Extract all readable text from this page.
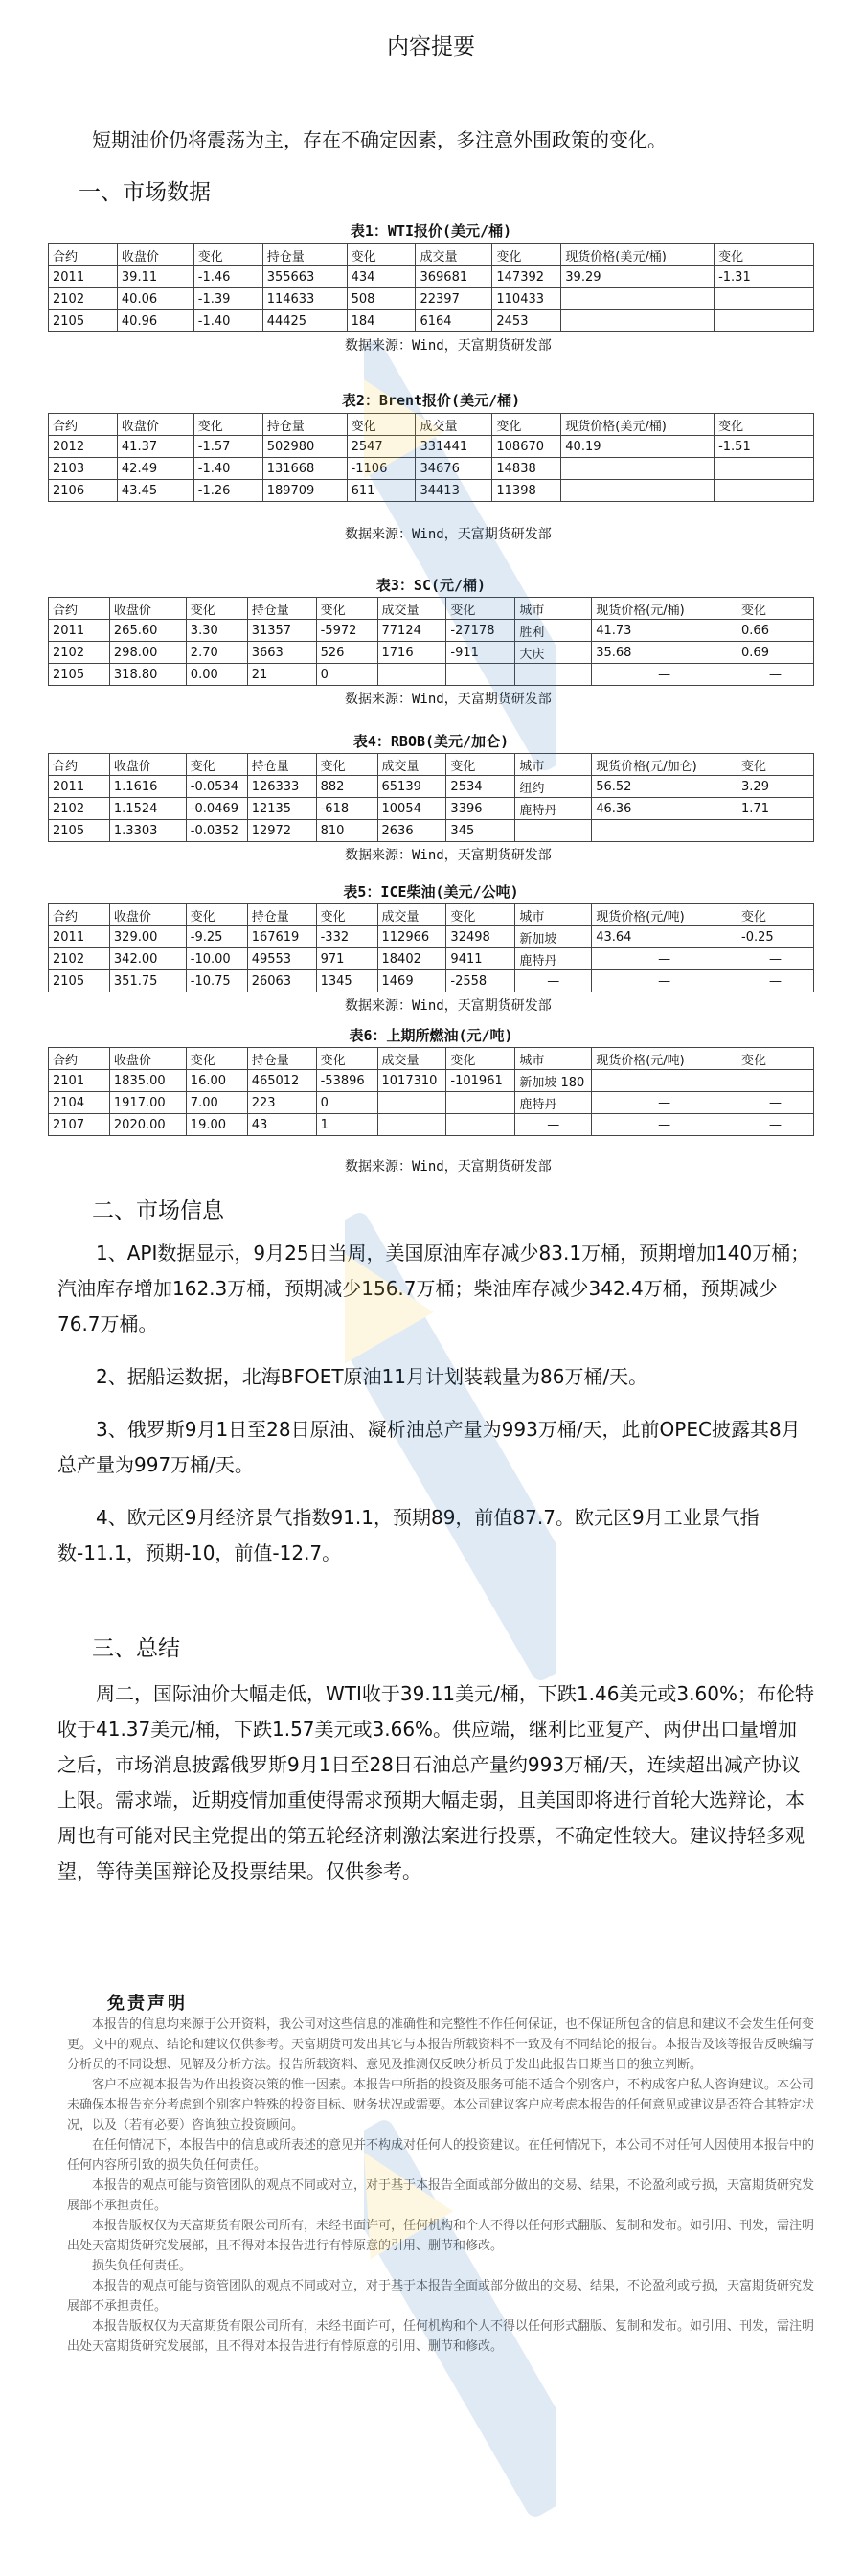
内容提要
短期油价仍将震荡为主，存在不确定因素，多注意外围政策的变化。
一、市场数据
表1：WTI报价(美元/桶)
合约	收盘价	变化	持仓量	变化	成交量	变化	现货价格(美元/桶)	变化
2011	39.11	-1.46	355663	434	369681	147392	39.29	-1.31
2102	40.06	-1.39	114633	508	22397	110433		
2105	40.96	-1.40	44425	184	6164	2453		
数据来源：Wind，天富期货研发部
表2：Brent报价(美元/桶)
合约	收盘价	变化	持仓量	变化	成交量	变化	现货价格(美元/桶)	变化
2012	41.37	-1.57	502980	2547	331441	108670	40.19	-1.51
2103	42.49	-1.40	131668	-1106	34676	14838		
2106	43.45	-1.26	189709	611	34413	11398		
数据来源：Wind，天富期货研发部
表3：SC(元/桶)
合约	收盘价	变化	持仓量	变化	成交量	变化	城市	现货价格(元/桶)	变化
2011	265.60	3.30	31357	-5972	77124	-27178	胜利	41.73	0.66
2102	298.00	2.70	3663	526	1716	-911	大庆	35.68	0.69
2105	318.80	0.00	21	0				—	—
数据来源：Wind，天富期货研发部
表4：RBOB(美元/加仑)
合约	收盘价	变化	持仓量	变化	成交量	变化	城市	现货价格(元/加仑)	变化
2011	1.1616	-0.0534	126333	882	65139	2534	纽约	56.52	3.29
2102	1.1524	-0.0469	12135	-618	10054	3396	鹿特丹	46.36	1.71
2105	1.3303	-0.0352	12972	810	2636	345			
数据来源：Wind，天富期货研发部
表5：ICE柴油(美元/公吨)
合约	收盘价	变化	持仓量	变化	成交量	变化	城市	现货价格(元/吨)	变化
2011	329.00	-9.25	167619	-332	112966	32498	新加坡	43.64	-0.25
2102	342.00	-10.00	49553	971	18402	9411	鹿特丹	—	—
2105	351.75	-10.75	26063	1345	1469	-2558	—	—	—
数据来源：Wind，天富期货研发部
表6：上期所燃油(元/吨)
合约	收盘价	变化	持仓量	变化	成交量	变化	城市	现货价格(元/吨)	变化
2101	1835.00	16.00	465012	-53896	1017310	-101961	新加坡 180		
2104	1917.00	7.00	223	0			鹿特丹	—	—
2107	2020.00	19.00	43	1			—	—	—
数据来源：Wind，天富期货研发部
二、市场信息

1、API数据显示，9月25日当周，美国原油库存减少83.1万桶，预期增加140万桶；汽油库存增加162.3万桶，预期减少156.7万桶；柴油库存减少342.4万桶，预期减少76.7万桶。

2、据船运数据，北海BFOET原油11月计划装载量为86万桶/天。

3、俄罗斯9月1日至28日原油、凝析油总产量为993万桶/天，此前OPEC披露其8月总产量为997万桶/天。

4、欧元区9月经济景气指数91.1，预期89，前值87.7。欧元区9月工业景气指数-11.1，预期-10，前值-12.7。

三、总结

周二，国际油价大幅走低，WTI收于39.11美元/桶，下跌1.46美元或3.60%；布伦特收于41.37美元/桶，下跌1.57美元或3.66%。供应端，继利比亚复产、两伊出口量增加之后，市场消息披露俄罗斯9月1日至28日石油总产量约993万桶/天，连续超出减产协议上限。需求端，近期疫情加重使得需求预期大幅走弱，且美国即将进行首轮大选辩论，本周也有可能对民主党提出的第五轮经济刺激法案进行投票，不确定性较大。建议持轻多观望，等待美国辩论及投票结果。仅供参考。

免责声明

本报告的信息均来源于公开资料，我公司对这些信息的准确性和完整性不作任何保证，也不保证所包含的信息和建议不会发生任何变更。文中的观点、结论和建议仅供参考。天富期货可发出其它与本报告所载资料不一致及有不同结论的报告。本报告及该等报告反映编写分析员的不同设想、见解及分析方法。报告所载资料、意见及推测仅反映分析员于发出此报告日期当日的独立判断。

客户不应视本报告为作出投资决策的惟一因素。本报告中所指的投资及服务可能不适合个别客户，不构成客户私人咨询建议。本公司未确保本报告充分考虑到个别客户特殊的投资目标、财务状况或需要。本公司建议客户应考虑本报告的任何意见或建议是否符合其特定状况，以及（若有必要）咨询独立投资顾问。

在任何情况下，本报告中的信息或所表述的意见并不构成对任何人的投资建议。在任何情况下，本公司不对任何人因使用本报告中的任何内容所引致的损失负任何责任。

本报告的观点可能与资管团队的观点不同或对立，对于基于本报告全面或部分做出的交易、结果，不论盈利或亏损，天富期货研究发展部不承担责任。

本报告版权仅为天富期货有限公司所有，未经书面许可，任何机构和个人不得以任何形式翻版、复制和发布。如引用、刊发，需注明出处天富期货研究发展部，且不得对本报告进行有悖原意的引用、删节和修改。

损失负任何责任。

本报告的观点可能与资管团队的观点不同或对立，对于基于本报告全面或部分做出的交易、结果，不论盈利或亏损，天富期货研究发展部不承担责任。

本报告版权仅为天富期货有限公司所有，未经书面许可，任何机构和个人不得以任何形式翻版、复制和发布。如引用、刊发，需注明出处天富期货研究发展部，且不得对本报告进行有悖原意的引用、删节和修改。
